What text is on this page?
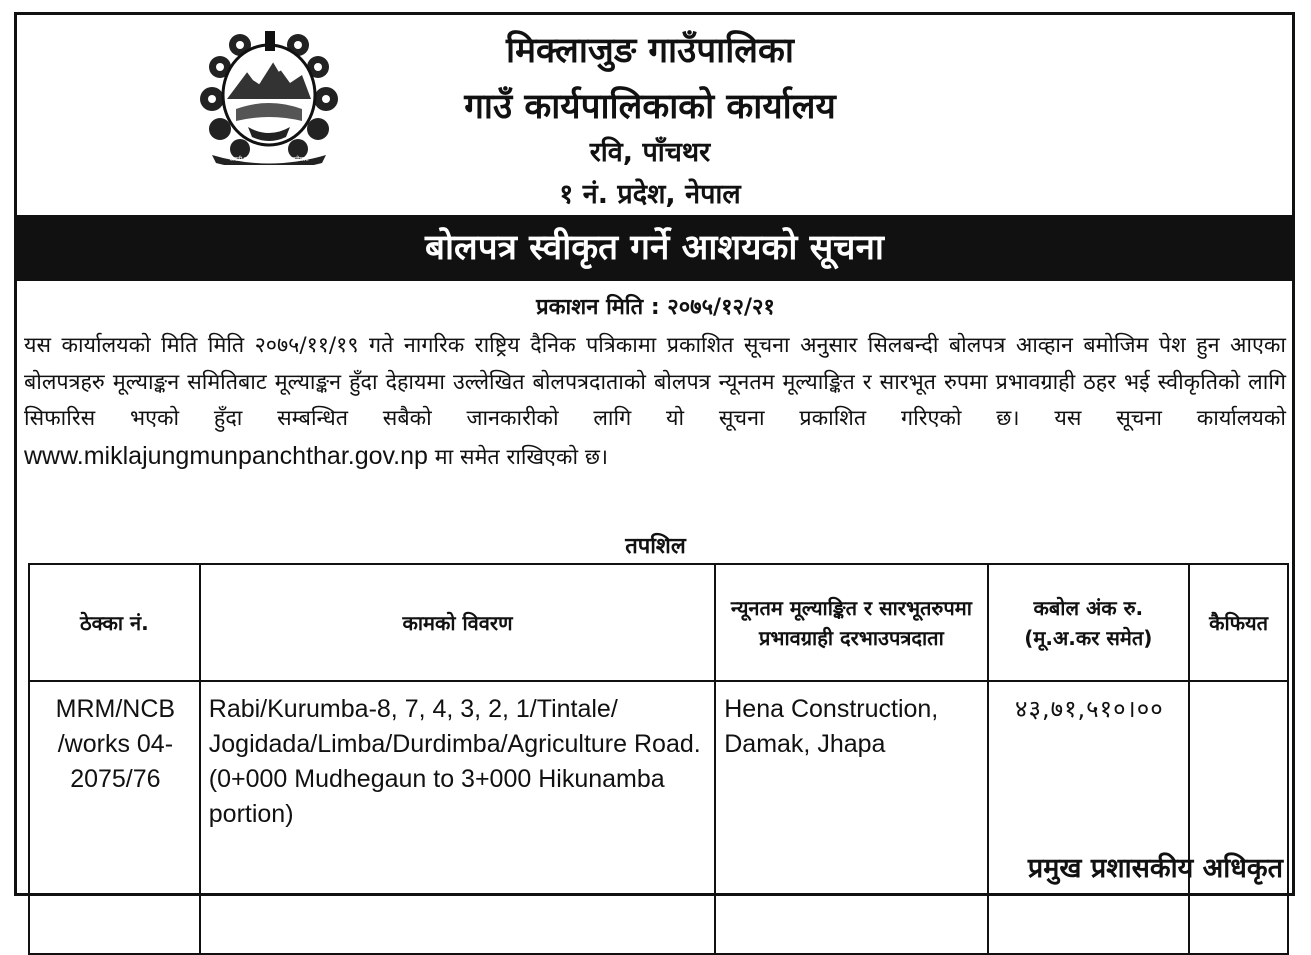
जननी जन्मभूमिश्च स्वर्गादपि गरीयसी
मिक्लाजुङ गाउँपालिका
गाउँ कार्यपालिकाको कार्यालय
रवि, पाँचथर
१ नं. प्रदेश, नेपाल
बोलपत्र स्वीकृत गर्ने आशयको सूचना
प्रकाशन मिति : २०७५/१२/२१
यस कार्यालयको मिति मिति २०७५/११/१९ गते नागरिक राष्ट्रिय दैनिक पत्रिकामा प्रकाशित सूचना अनुसार सिलबन्दी बोलपत्र आव्हान बमोजिम पेश हुन आएका बोलपत्रहरु मूल्याङ्कन समितिबाट मूल्याङ्कन हुँदा देहायमा उल्लेखित बोलपत्रदाताको बोलपत्र न्यूनतम मूल्याङ्कित र सारभूत रुपमा प्रभावग्राही ठहर भई स्वीकृतिको लागि सिफारिस भएको हुँदा सम्बन्धित सबैको जानकारीको लागि यो सूचना प्रकाशित गरिएको छ। यस सूचना कार्यालयको www.miklajungmunpanchthar.gov.np मा समेत राखिएको छ।
तपशिल
ठेक्का नं.	कामको विवरण	न्यूनतम मूल्याङ्कित र सारभूतरुपमा प्रभावग्राही दरभाउपत्रदाता	कबोल अंक रु. (मू.अ.कर समेत)	कैफियत
MRM/NCB /works 04-2075/76	Rabi/Kurumba-8, 7, 4, 3, 2, 1/Tintale/ Jogidada/Limba/Durdimba/Agriculture Road. (0+000 Mudhegaun to 3+000 Hikunamba portion)	Hena Construction, Damak, Jhapa	४३,७१,५१०।००	
प्रमुख प्रशासकीय अधिकृत
